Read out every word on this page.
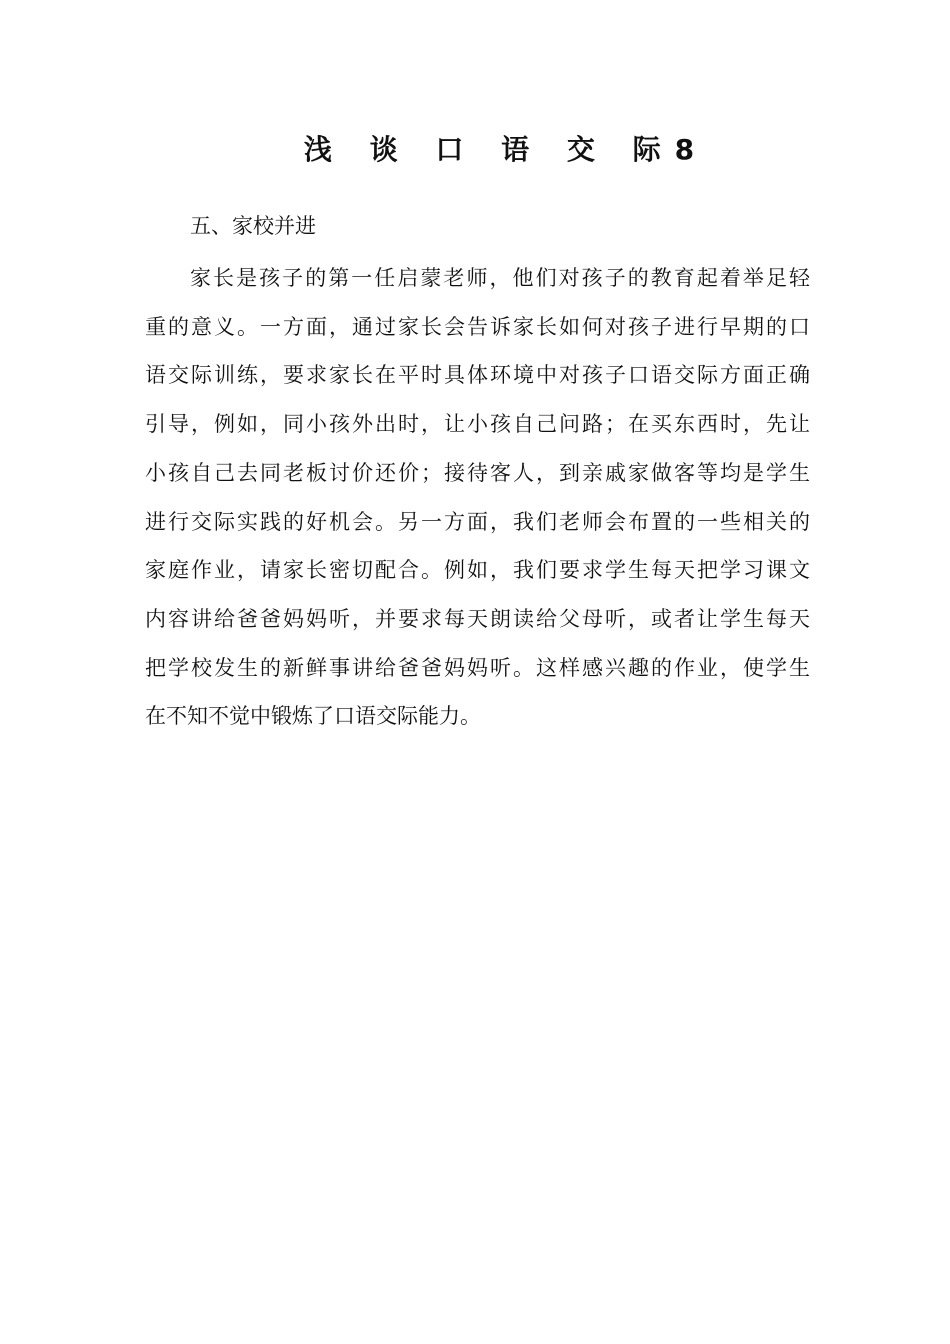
浅 谈 口 语 交 际8

五、家校并进

家长是孩子的第一任启蒙老师，他们对孩子的教育起着举足轻
重的意义。一方面，通过家长会告诉家长如何对孩子进行早期的口
语交际训练，要求家长在平时具体环境中对孩子口语交际方面正确
引导，例如，同小孩外出时，让小孩自己问路；在买东西时，先让
小孩自己去同老板讨价还价；接待客人，到亲戚家做客等均是学生
进行交际实践的好机会。另一方面，我们老师会布置的一些相关的
家庭作业，请家长密切配合。例如，我们要求学生每天把学习课文
内容讲给爸爸妈妈听，并要求每天朗读给父母听，或者让学生每天
把学校发生的新鲜事讲给爸爸妈妈听。这样感兴趣的作业，使学生
在不知不觉中锻炼了口语交际能力。
